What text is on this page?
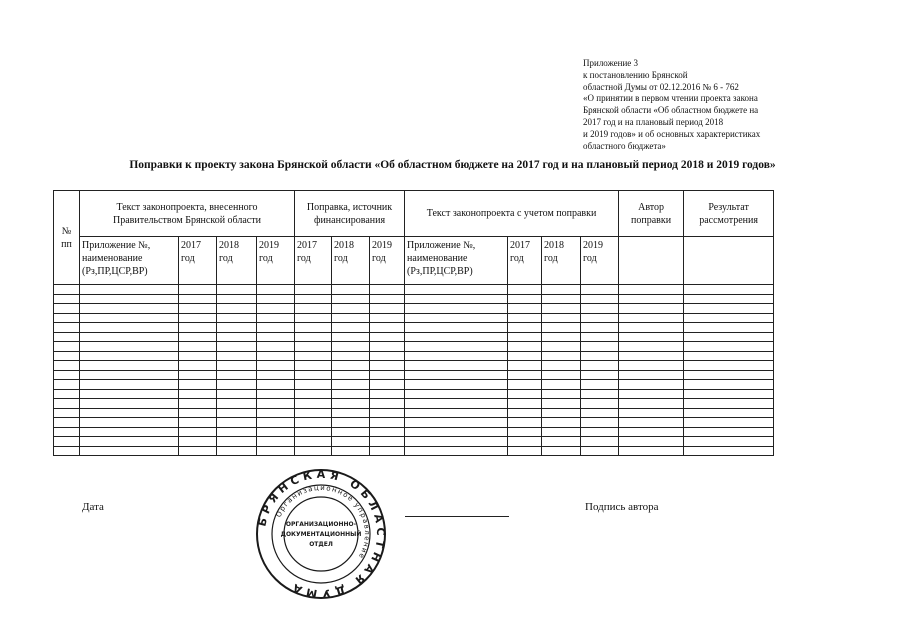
Приложение 3
к постановлению Брянской
областной Думы от 02.12.2016 № 6 - 762
«О принятии в первом чтении проекта закона
Брянской области «Об областном бюджете на
2017 год и на плановый период 2018
и 2019 годов» и об основных характеристиках
областного бюджета»
Поправки к проекту закона Брянской области «Об областном бюджете на 2017 год и на плановый период 2018 и 2019 годов»
№
пп	Текст законопроекта, внесенного Правительством Брянской области				Поправка, источник финансирования			Текст законопроекта с учетом поправки				Автор поправки	Результат рассмотрения
	Приложение №, наименование (Рз,ПР,ЦСР,ВР)	2017 год	2018 год	2019 год	2017 год	2018 год	2019 год	Приложение №, наименование (Рз,ПР,ЦСР,ВР)	2017 год	2018 год	2019 год		

Дата	Подпись автора
БРЯНСКАЯ ОБЛАСТНАЯ ДУМА
Организационное управление
ОРГАНИЗАЦИОННО-
ДОКУМЕНТАЦИОННЫЙ
ОТДЕЛ
